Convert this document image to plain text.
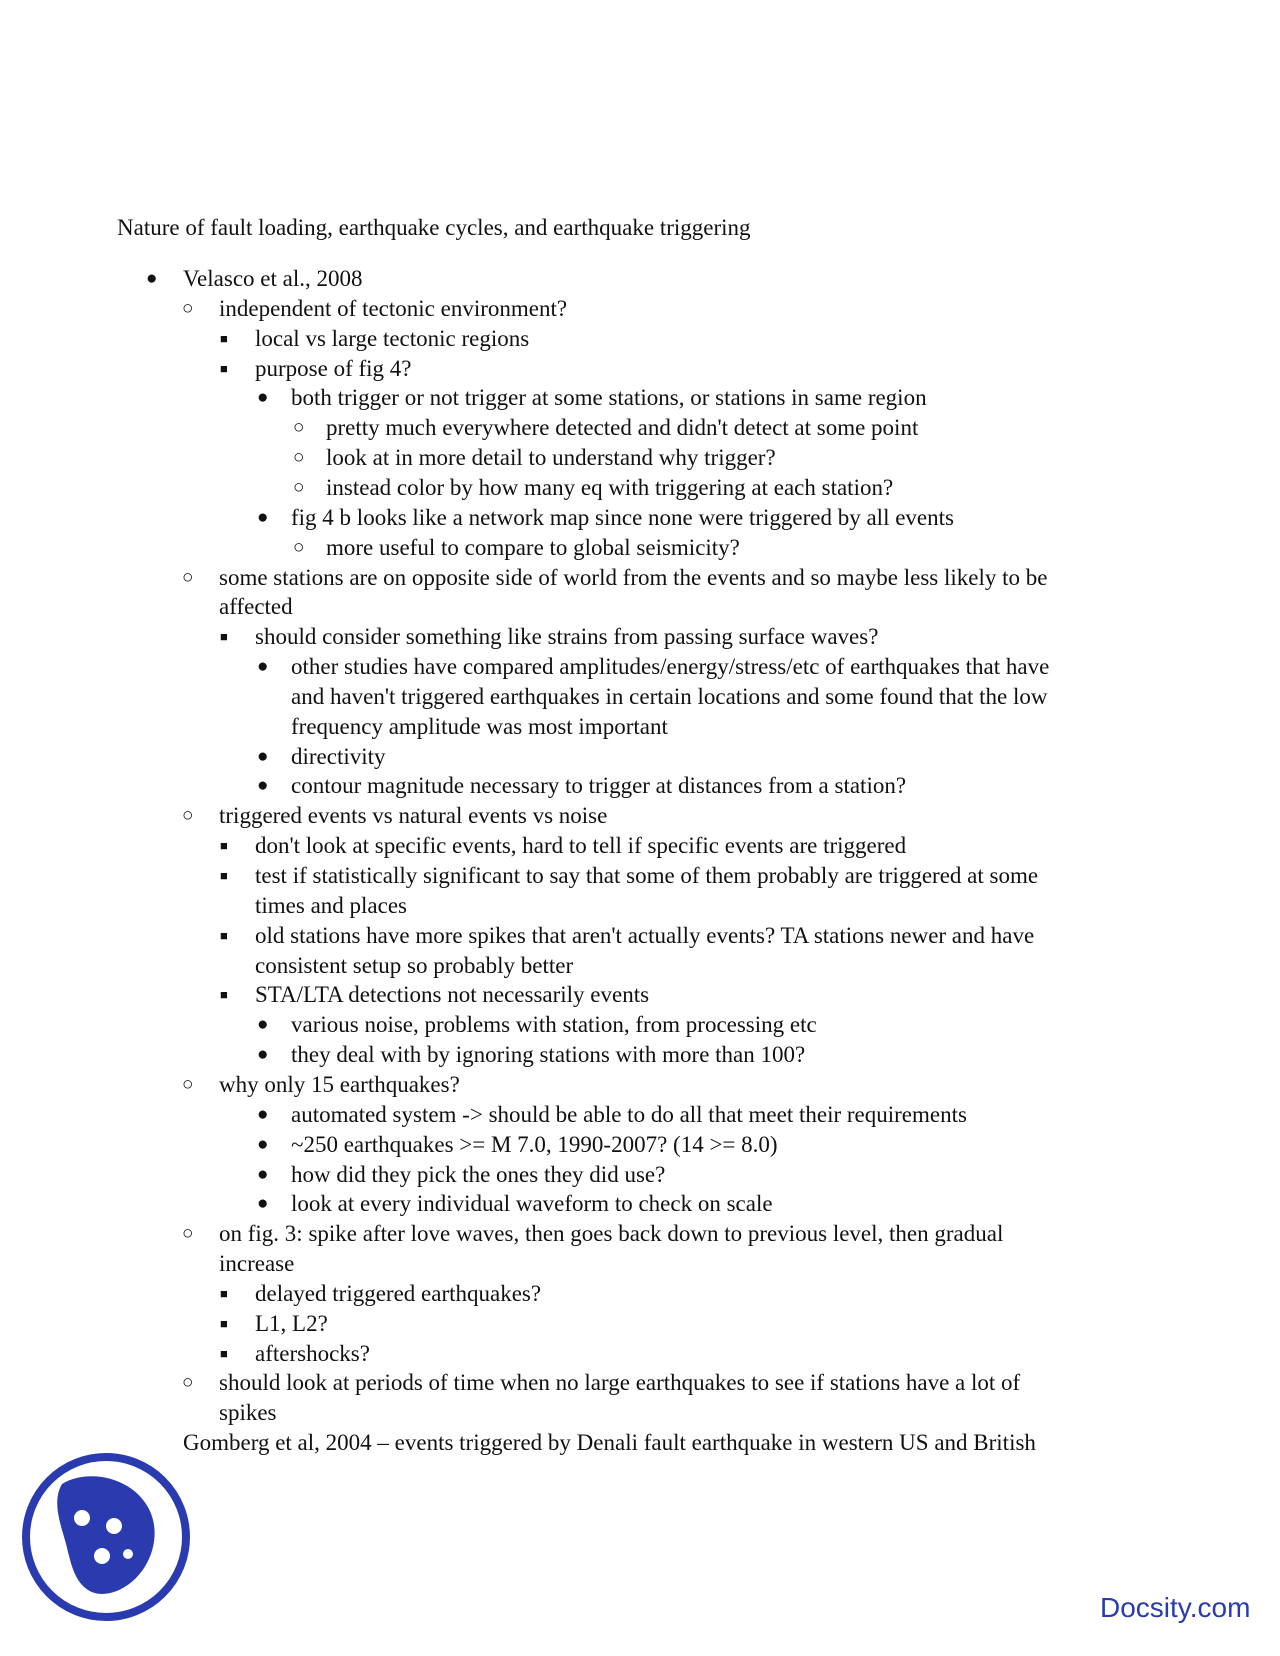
Nature of fault loading, earthquake cycles, and earthquake triggering
● Velasco et al., 2008
○ independent of tectonic environment?
■ local vs large tectonic regions
■ purpose of fig 4?
● both trigger or not trigger at some stations, or stations in same region
○ pretty much everywhere detected and didn't detect at some point
○ look at in more detail to understand why trigger?
○ instead color by how many eq with triggering at each station?
● fig 4 b looks like a network map since none were triggered by all events
○ more useful to compare to global seismicity?
○ some stations are on opposite side of world from the events and so maybe less likely to be
affected
■ should consider something like strains from passing surface waves?
● other studies have compared amplitudes/energy/stress/etc of earthquakes that have
and haven't triggered earthquakes in certain locations and some found that the low
frequency amplitude was most important
● directivity
● contour magnitude necessary to trigger at distances from a station?
○ triggered events vs natural events vs noise
■ don't look at specific events, hard to tell if specific events are triggered
■ test if statistically significant to say that some of them probably are triggered at some
times and places
■ old stations have more spikes that aren't actually events? TA stations newer and have
consistent setup so probably better
■ STA/LTA detections not necessarily events
● various noise, problems with station, from processing etc
● they deal with by ignoring stations with more than 100?
○ why only 15 earthquakes?
● automated system -> should be able to do all that meet their requirements
● ~250 earthquakes >= M 7.0, 1990-2007? (14 >= 8.0)
● how did they pick the ones they did use?
● look at every individual waveform to check on scale
○ on fig. 3: spike after love waves, then goes back down to previous level, then gradual
increase
■ delayed triggered earthquakes?
■ L1, L2?
■ aftershocks?
○ should look at periods of time when no large earthquakes to see if stations have a lot of
spikes
Gomberg et al, 2004 – events triggered by Denali fault earthquake in western US and British
Docsity.com
